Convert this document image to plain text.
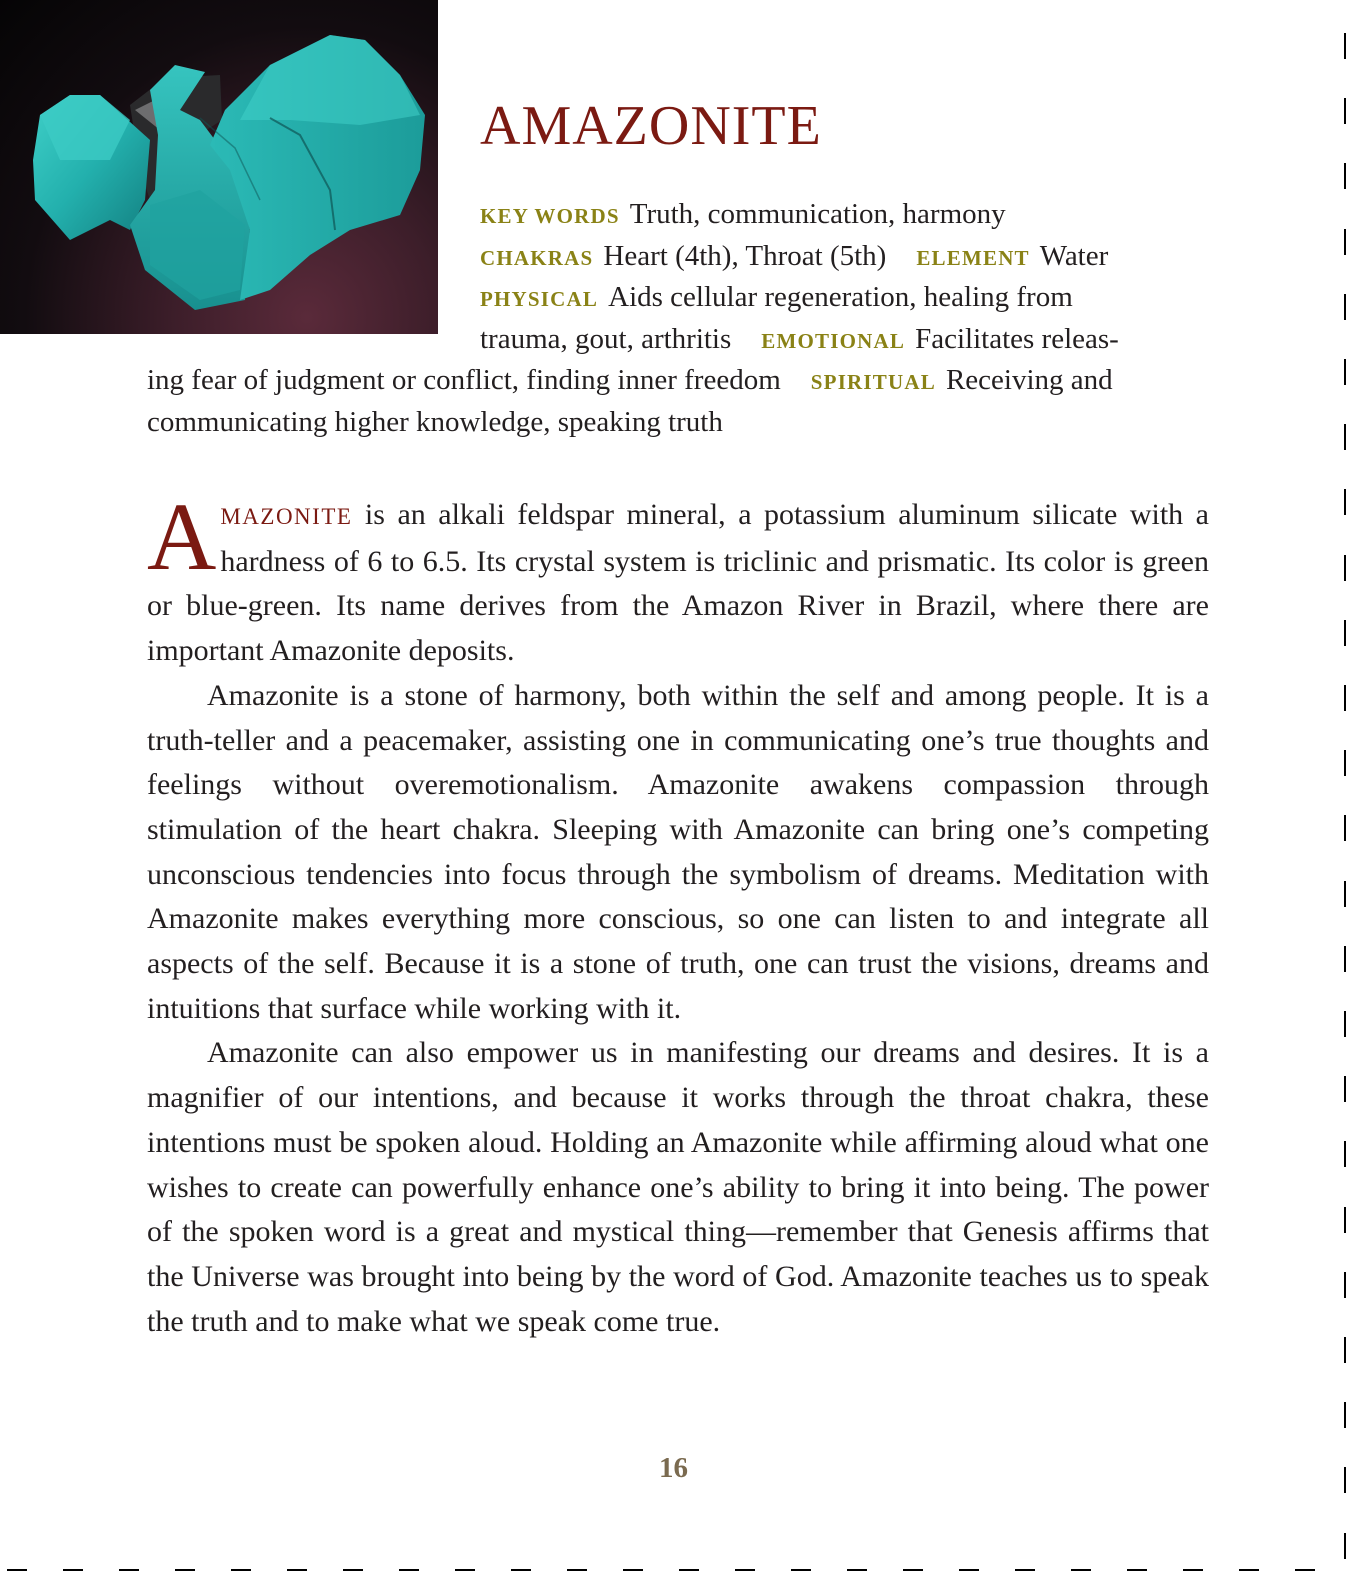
AMAZONITE
KEY WORDS Truth, communication, harmony
CHAKRAS Heart (4th), Throat (5th) ELEMENT Water
PHYSICAL Aids cellular regeneration, healing from
trauma, gout, arthritis EMOTIONAL Facilitates releas-
ing fear of judgment or conflict, finding inner freedom SPIRITUAL Receiving and
communicating higher knowledge, speaking truth

AMAZONITE is an alkali feldspar mineral, a potassium aluminum silicate with a hardness of 6 to 6.5. Its crystal system is triclinic and prismatic. Its color is green or blue-green. Its name derives from the Amazon River in Brazil, where there are important Amazonite deposits.

Amazonite is a stone of harmony, both within the self and among people. It is a truth-teller and a peacemaker, assisting one in communicating one’s true thoughts and feelings without overemotionalism. Amazonite awakens compassion through stimulation of the heart chakra. Sleeping with Amazonite can bring one’s competing unconscious tendencies into focus through the symbolism of dreams. Meditation with Amazonite makes everything more conscious, so one can listen to and integrate all aspects of the self. Because it is a stone of truth, one can trust the visions, dreams and intuitions that surface while working with it.

Amazonite can also empower us in manifesting our dreams and desires. It is a magnifier of our intentions, and because it works through the throat chakra, these intentions must be spoken aloud. Holding an Amazonite while affirming aloud what one wishes to create can powerfully enhance one’s ability to bring it into being. The power of the spoken word is a great and mystical thing—remember that Genesis affirms that the Universe was brought into being by the word of God. Amazonite teaches us to speak the truth and to make what we speak come true.

16
